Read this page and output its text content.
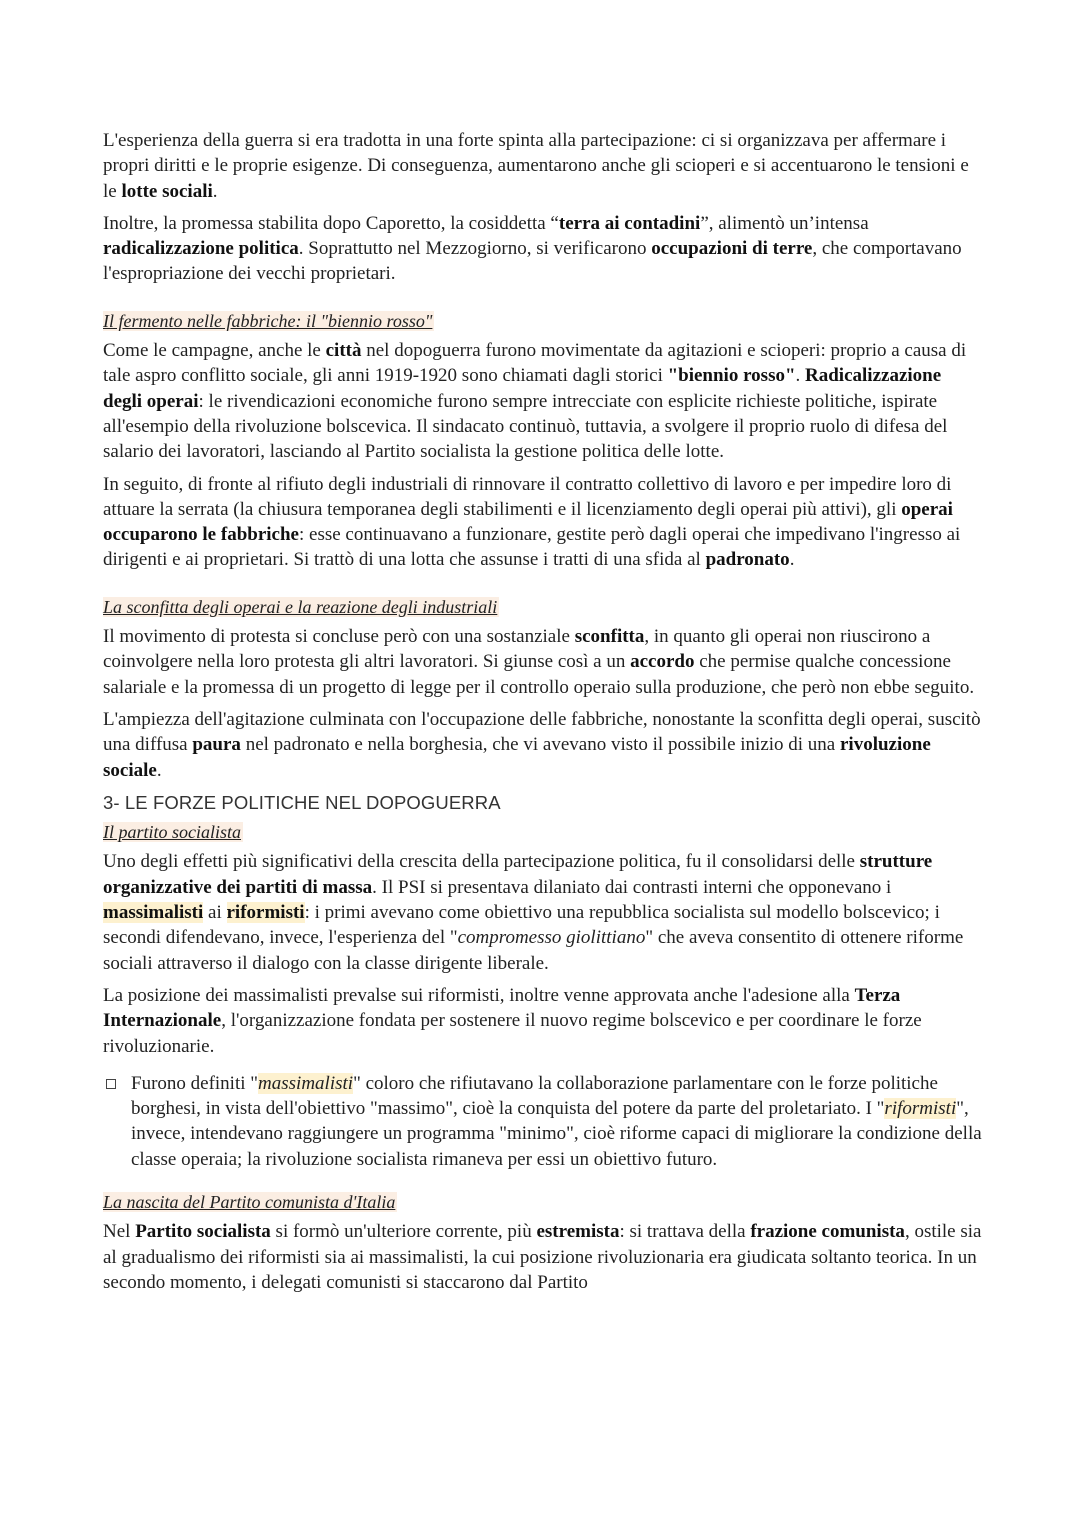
L'esperienza della guerra si era tradotta in una forte spinta alla partecipazione: ci si organizzava per affermare i propri diritti e le proprie esigenze. Di conseguenza, aumentarono anche gli scioperi e si accentuarono le tensioni e le lotte sociali.

Inoltre, la promessa stabilita dopo Caporetto, la cosiddetta “terra ai contadini”, alimentò un’intensa radicalizzazione politica. Soprattutto nel Mezzogiorno, si verificarono occupazioni di terre, che comportavano l'espropriazione dei vecchi proprietari.

Il fermento nelle fabbriche: il "biennio rosso"

Come le campagne, anche le città nel dopoguerra furono movimentate da agitazioni e scioperi: proprio a causa di tale aspro conflitto sociale, gli anni 1919-1920 sono chiamati dagli storici "biennio rosso". Radicalizzazione degli operai: le rivendicazioni economiche furono sempre intrecciate con esplicite richieste politiche, ispirate all'esempio della rivoluzione bolscevica. Il sindacato continuò, tuttavia, a svolgere il proprio ruolo di difesa del salario dei lavoratori, lasciando al Partito socialista la gestione politica delle lotte.

In seguito, di fronte al rifiuto degli industriali di rinnovare il contratto collettivo di lavoro e per impedire loro di attuare la serrata (la chiusura temporanea degli stabilimenti e il licenziamento degli operai più attivi), gli operai occuparono le fabbriche: esse continuavano a funzionare, gestite però dagli operai che impedivano l'ingresso ai dirigenti e ai proprietari. Si trattò di una lotta che assunse i tratti di una sfida al padronato.

La sconfitta degli operai e la reazione degli industriali

Il movimento di protesta si concluse però con una sostanziale sconfitta, in quanto gli operai non riuscirono a coinvolgere nella loro protesta gli altri lavoratori. Si giunse così a un accordo che permise qualche concessione salariale e la promessa di un progetto di legge per il controllo operaio sulla produzione, che però non ebbe seguito.

L'ampiezza dell'agitazione culminata con l'occupazione delle fabbriche, nonostante la sconfitta degli operai, suscitò una diffusa paura nel padronato e nella borghesia, che vi avevano visto il possibile inizio di una rivoluzione sociale.

3- LE FORZE POLITICHE NEL DOPOGUERRA

Il partito socialista

Uno degli effetti più significativi della crescita della partecipazione politica, fu il consolidarsi delle strutture organizzative dei partiti di massa. Il PSI si presentava dilaniato dai contrasti interni che opponevano i massimalisti ai riformisti: i primi avevano come obiettivo una repubblica socialista sul modello bolscevico; i secondi difendevano, invece, l'esperienza del "compromesso giolittiano" che aveva consentito di ottenere riforme sociali attraverso il dialogo con la classe dirigente liberale.

La posizione dei massimalisti prevalse sui riformisti, inoltre venne approvata anche l'adesione alla Terza Internazionale, l'organizzazione fondata per sostenere il nuovo regime bolscevico e per coordinare le forze rivoluzionarie.

Furono definiti "massimalisti" coloro che rifiutavano la collaborazione parlamentare con le forze politiche borghesi, in vista dell'obiettivo "massimo", cioè la conquista del potere da parte del proletariato. I "riformisti", invece, intendevano raggiungere un programma "minimo", cioè riforme capaci di migliorare la condizione della classe operaia; la rivoluzione socialista rimaneva per essi un obiettivo futuro.

La nascita del Partito comunista d'Italia

Nel Partito socialista si formò un'ulteriore corrente, più estremista: si trattava della frazione comunista, ostile sia al gradualismo dei riformisti sia ai massimalisti, la cui posizione rivoluzionaria era giudicata soltanto teorica. In un secondo momento, i delegati comunisti si staccarono dal Partito
